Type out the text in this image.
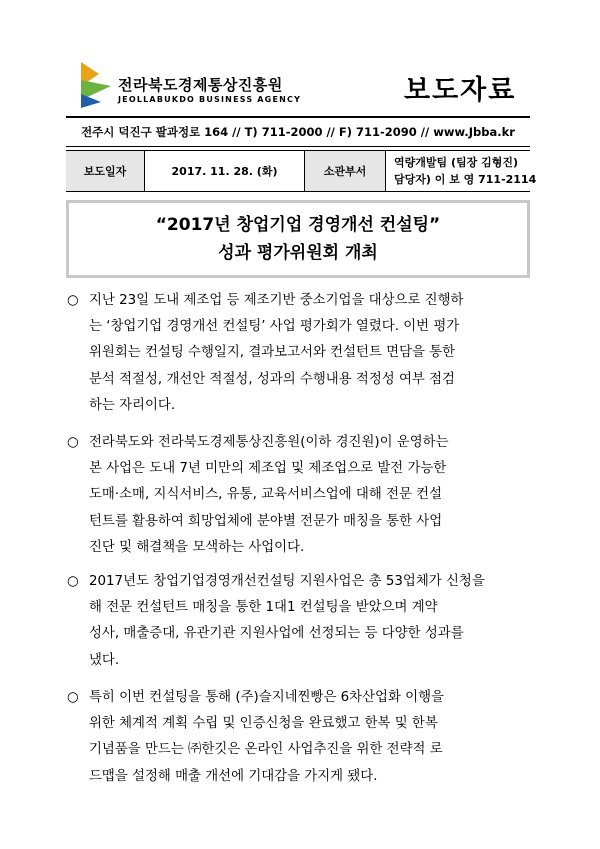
전라북도경제통상진흥원
JEOLLABUKDO BUSINESS AGENCY	보도자료
전주시 덕진구 팔과정로 164 // T) 711-2000 // F) 711-2090 // www.Jbba.kr
보도일자	2017. 11. 28. (화)	소관부서
역량개발팀 (팀장 김형진)
담당자) 이 보 영 711-2114
“2017년 창업기업 경영개선 컨설팅”
성과 평가위원회 개최
○ 지난 23일 도내 제조업 등 제조기반 중소기업을 대상으로 진행하
는 ‘창업기업 경영개선 컨설팅’ 사업 평가회가 열렸다. 이번 평가
위원회는 컨설팅 수행일지, 결과보고서와 컨설턴트 면담을 통한
분석 적절성, 개선안 적절성, 성과의 수행내용 적정성 여부 점검
하는 자리이다.
○ 전라북도와 전라북도경제통상진흥원(이하 경진원)이 운영하는
본 사업은 도내 7년 미만의 제조업 및 제조업으로 발전 가능한
도매·소매, 지식서비스, 유통, 교육서비스업에 대해 전문 컨설
턴트를 활용하여 희망업체에 분야별 전문가 매칭을 통한 사업
진단 및 해결책을 모색하는 사업이다.
○ 2017년도 창업기업경영개선컨설팅 지원사업은 총 53업체가 신청을
해 전문 컨설턴트 매칭을 통한 1대1 컨설팅을 받았으며 계약
성사, 매출증대, 유관기관 지원사업에 선정되는 등 다양한 성과를
냈다.
○ 특히 이번 컨설팅을 통해 (주)슬지네찐빵은 6차산업화 이행을
위한 체계적 계획 수립 및 인증신청을 완료했고 한복 및 한복
기념품을 만드는 ㈜한깃은 온라인 사업추진을 위한 전략적 로
드맵을 설정해 매출 개선에 기대감을 가지게 됐다.
